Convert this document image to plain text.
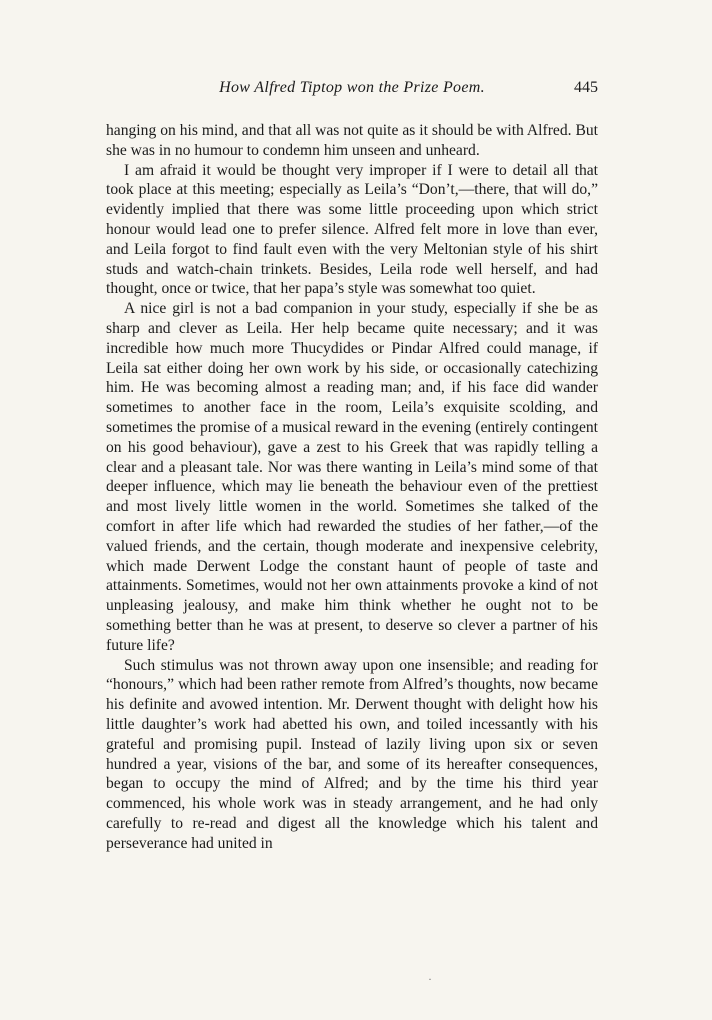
How Alfred Tiptop won the Prize Poem.	445

hanging on his mind, and that all was not quite as it should be with Alfred. But she was in no humour to condemn him unseen and unheard.

I am afraid it would be thought very improper if I were to detail all that took place at this meeting; especially as Leila’s “Don’t,—there, that will do,” evidently implied that there was some little proceeding upon which strict honour would lead one to prefer silence. Alfred felt more in love than ever, and Leila forgot to find fault even with the very Meltonian style of his shirt studs and watch-chain trinkets. Besides, Leila rode well herself, and had thought, once or twice, that her papa’s style was somewhat too quiet.

A nice girl is not a bad companion in your study, especially if she be as sharp and clever as Leila. Her help became quite necessary; and it was incredible how much more Thucydides or Pindar Alfred could manage, if Leila sat either doing her own work by his side, or occasionally catechizing him. He was becoming almost a reading man; and, if his face did wander sometimes to another face in the room, Leila’s exquisite scolding, and sometimes the promise of a musical reward in the evening (entirely contingent on his good behaviour), gave a zest to his Greek that was rapidly telling a clear and a pleasant tale. Nor was there wanting in Leila’s mind some of that deeper influence, which may lie beneath the behaviour even of the prettiest and most lively little women in the world. Sometimes she talked of the comfort in after life which had rewarded the studies of her father,—of the valued friends, and the certain, though moderate and inexpensive celebrity, which made Derwent Lodge the constant haunt of people of taste and attainments. Sometimes, would not her own attainments provoke a kind of not unpleasing jealousy, and make him think whether he ought not to be something better than he was at present, to deserve so clever a partner of his future life?

Such stimulus was not thrown away upon one insensible; and reading for “honours,” which had been rather remote from Alfred’s thoughts, now became his definite and avowed intention. Mr. Derwent thought with delight how his little daughter’s work had abetted his own, and toiled incessantly with his grateful and promising pupil. Instead of lazily living upon six or seven hundred a year, visions of the bar, and some of its hereafter consequences, began to occupy the mind of Alfred; and by the time his third year commenced, his whole work was in steady arrangement, and he had only carefully to re-read and digest all the knowledge which his talent and perseverance had united in

·
